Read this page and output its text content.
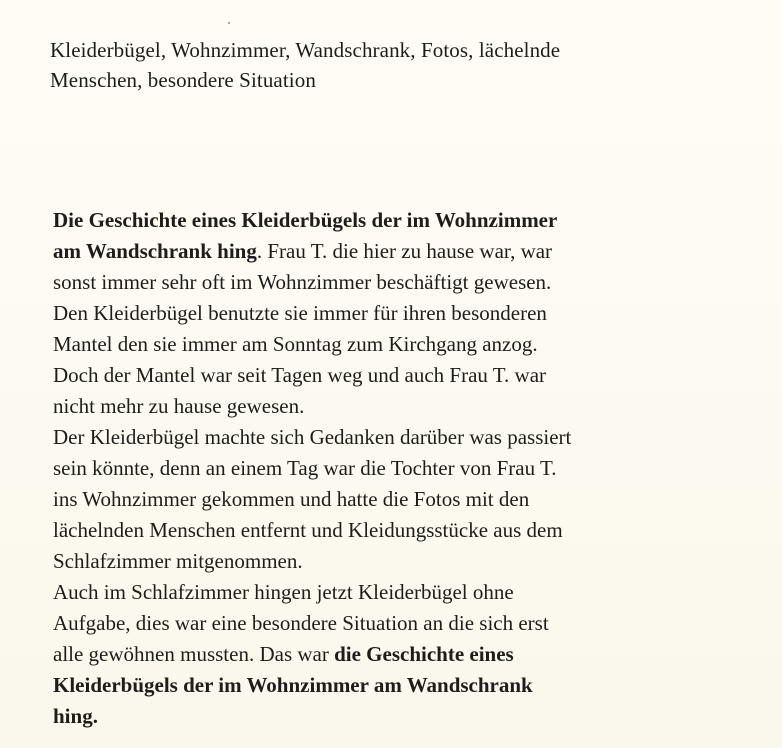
Kleiderbügel, Wohnzimmer, Wandschrank, Fotos, lächelnde
Menschen, besondere Situation
Die Geschichte eines Kleiderbügels der im Wohnzimmer
am Wandschrank hing. Frau T. die hier zu hause war, war
sonst immer sehr oft im Wohnzimmer beschäftigt gewesen.
Den Kleiderbügel benutzte sie immer für ihren besonderen
Mantel den sie immer am Sonntag zum Kirchgang anzog.
Doch der Mantel war seit Tagen weg und auch Frau T. war
nicht mehr zu hause gewesen.
Der Kleiderbügel machte sich Gedanken darüber was passiert
sein könnte, denn an einem Tag war die Tochter von Frau T.
ins Wohnzimmer gekommen und hatte die Fotos mit den
lächelnden Menschen entfernt und Kleidungsstücke aus dem
Schlafzimmer mitgenommen.
Auch im Schlafzimmer hingen jetzt Kleiderbügel ohne
Aufgabe, dies war eine besondere Situation an die sich erst
alle gewöhnen mussten. Das war die Geschichte eines
Kleiderbügels der im Wohnzimmer am Wandschrank
hing.
